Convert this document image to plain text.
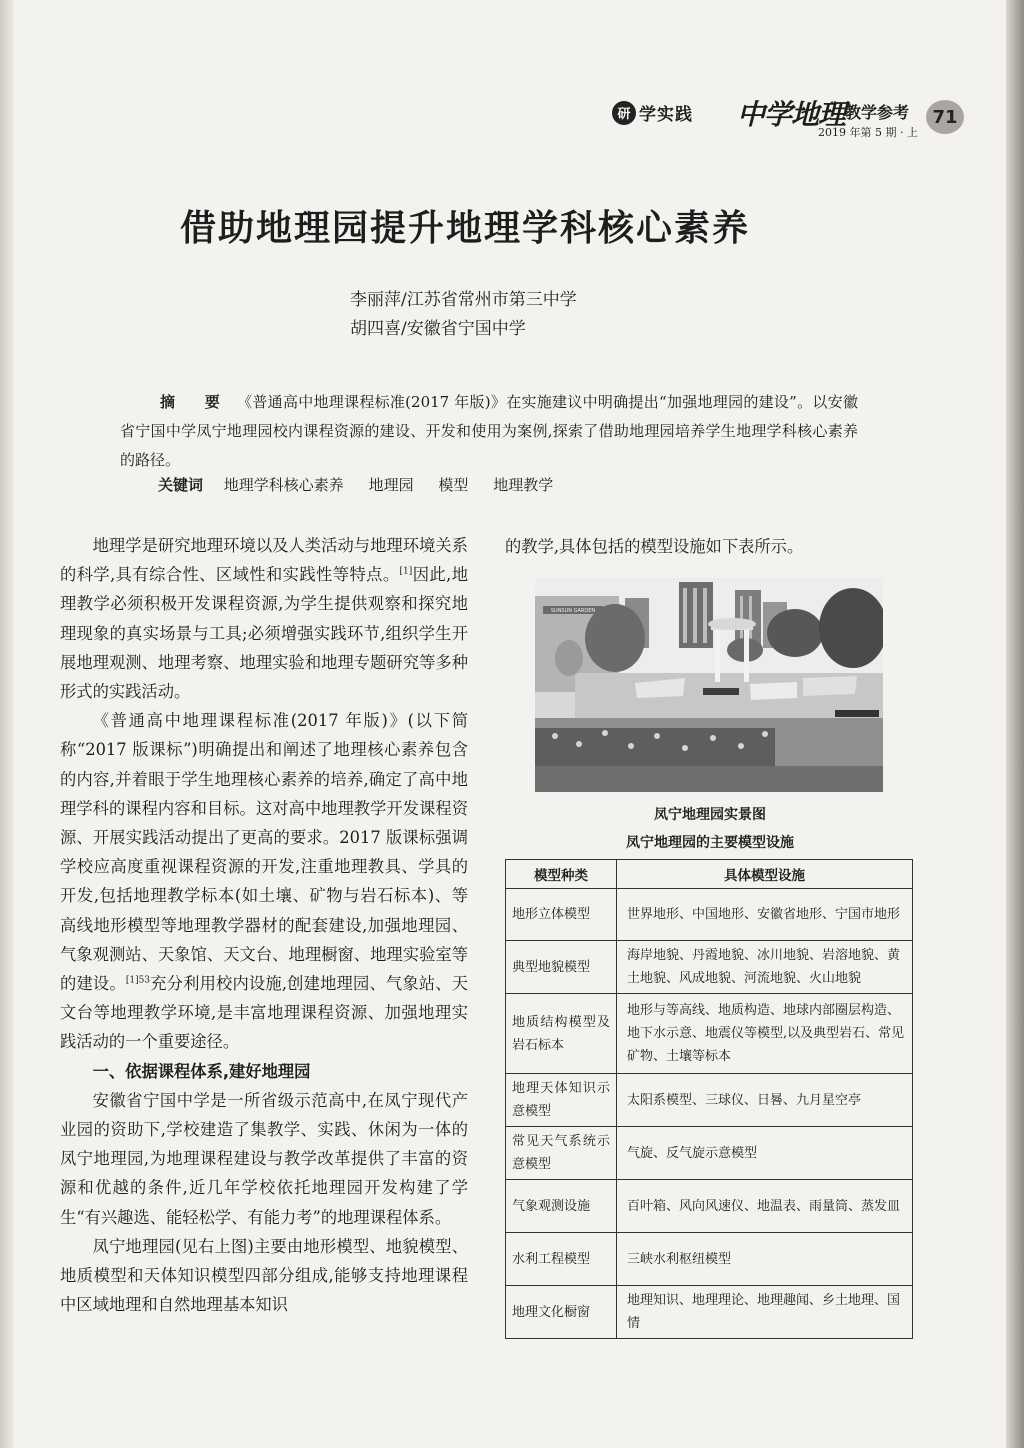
研 学实践 中学地理 教学参考
2019 年第 5 期 · 上
71
借助地理园提升地理学科核心素养
李丽萍/江苏省常州市第三中学
胡四喜/安徽省宁国中学
摘 要 《普通高中地理课程标准(2017 年版)》在实施建议中明确提出“加强地理园的建设”。以安徽省宁国中学凤宁地理园校内课程资源的建设、开发和使用为案例,探索了借助地理园培养学生地理学科核心素养的路径。
关键词 地理学科核心素养 地理园 模型 地理教学

地理学是研究地理环境以及人类活动与地理环境关系的科学,具有综合性、区域性和实践性等特点。[1]因此,地理教学必须积极开发课程资源,为学生提供观察和探究地理现象的真实场景与工具;必须增强实践环节,组织学生开展地理观测、地理考察、地理实验和地理专题研究等多种形式的实践活动。

《普通高中地理课程标准(2017 年版)》(以下简称“2017 版课标”)明确提出和阐述了地理核心素养包含的内容,并着眼于学生地理核心素养的培养,确定了高中地理学科的课程内容和目标。这对高中地理教学开发课程资源、开展实践活动提出了更高的要求。2017 版课标强调学校应高度重视课程资源的开发,注重地理教具、学具的开发,包括地理教学标本(如土壤、矿物与岩石标本)、等高线地形模型等地理教学器材的配套建设,加强地理园、气象观测站、天象馆、天文台、地理橱窗、地理实验室等的建设。$^{[1]53}$充分利用校内设施,创建地理园、气象站、天文台等地理教学环境,是丰富地理课程资源、加强地理实践活动的一个重要途径。

一、依据课程体系,建好地理园

安徽省宁国中学是一所省级示范高中,在凤宁现代产业园的资助下,学校建造了集教学、实践、休闲为一体的凤宁地理园,为地理课程建设与教学改革提供了丰富的资源和优越的条件,近几年学校依托地理园开发构建了学生“有兴趣选、能轻松学、有能力考”的地理课程体系。

凤宁地理园(见右上图)主要由地形模型、地貌模型、地质模型和天体知识模型四部分组成,能够支持地理课程中区域地理和自然地理基本知识

的教学,具体包括的模型设施如下表所示。
SUNSUN GARDEN
凤宁地理园实景图
凤宁地理园的主要模型设施
模型种类	具体模型设施
地形立体模型	世界地形、中国地形、安徽省地形、宁国市地形
典型地貌模型	海岸地貌、丹霞地貌、冰川地貌、岩溶地貌、黄土地貌、风成地貌、河流地貌、火山地貌
地质结构模型及岩石标本	地形与等高线、地质构造、地球内部圈层构造、地下水示意、地震仪等模型,以及典型岩石、常见矿物、土壤等标本
地理天体知识示意模型	太阳系模型、三球仪、日晷、九月星空亭
常见天气系统示意模型	气旋、反气旋示意模型
气象观测设施	百叶箱、风向风速仪、地温表、雨量筒、蒸发皿
水利工程模型	三峡水利枢纽模型
地理文化橱窗	地理知识、地理理论、地理趣闻、乡土地理、国情
